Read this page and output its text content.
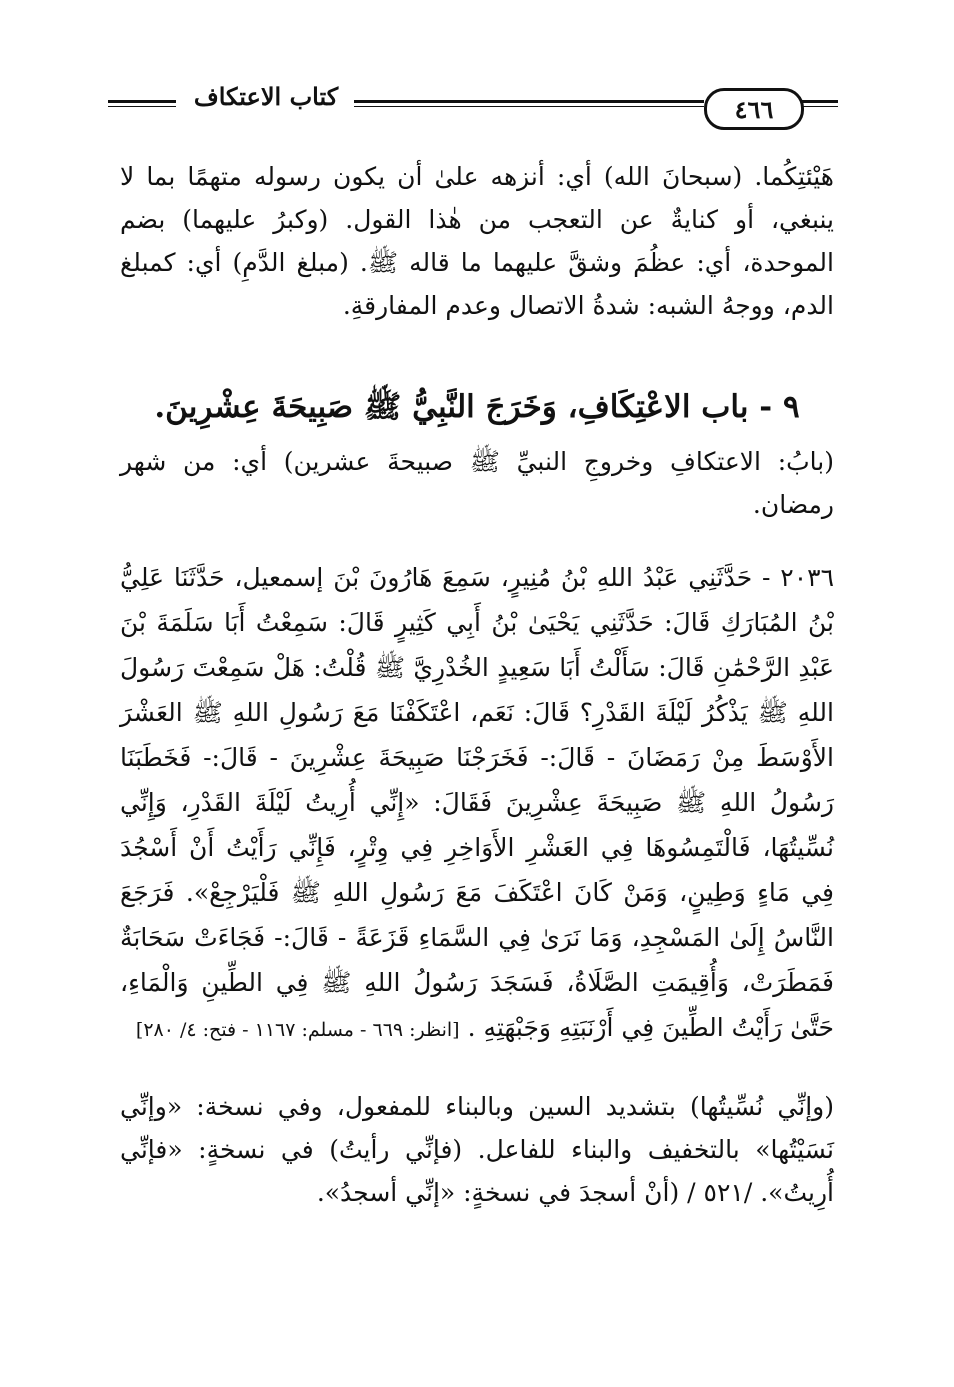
٤٦٦
كتاب الاعتكاف
هَيْئتِكُما. (سبحانَ الله) أي: أنزهه علىٰ أن يكون رسوله متهمًا بما لا ينبغي، أو كنايةٌ عن التعجب من هٰذا القول. (وكبرُ عليهما) بضم الموحدة، أي: عظُمَ وشقَّ عليهما ما قاله ﷺ. (مبلغ الدَّمِ) أي: كمبلغ الدم، ووجهُ الشبه: شدةُ الاتصال وعدم المفارقةِ.
٩ - باب الاعْتِكَافِ، وَخَرَجَ النَّبِيُّ ﷺ صَبِيحَةَ عِشْرِينَ.
(بابُ: الاعتكافِ وخروجِ النبيِّ ﷺ صبيحةَ عشرين) أي: من شهر رمضان.
٢٠٣٦ - حَدَّثَنِي عَبْدُ اللهِ بْنُ مُنِيرٍ، سَمِعَ هَارُونَ بْنَ إسمعيل، حَدَّثَنَا عَلِيُّ بْنُ المُبَارَكِ قَالَ: حَدَّثَنِي يَحْيَىٰ بْنُ أَبِي كَثِيرٍ قَالَ: سَمِعْتُ أَبَا سَلَمَةَ بْنَ عَبْدِ الرَّحْمَٰنِ قَالَ: سَأَلْتُ أَبَا سَعِيدٍ الخُدْرِيَّ ﷺ قُلْتُ: هَلْ سَمِعْتَ رَسُولَ اللهِ ﷺ يَذْكُرُ لَيْلَةَ القَدْرِ؟ قَالَ: نَعَم، اعْتَكَفْنَا مَعَ رَسُولِ اللهِ ﷺ العَشْرَ الأَوْسَطَ مِنْ رَمَضَانَ - قَالَ:- فَخَرَجْنَا صَبِيحَةَ عِشْرِينَ - قَالَ:- فَخَطَبَنَا رَسُولُ اللهِ ﷺ صَبِيحَةَ عِشْرِينَ فَقَالَ: «إِنِّي أُرِيتُ لَيْلَةَ القَدْرِ، وَإِنِّي نُسِّيتُهَا، فَالْتَمِسُوهَا فِي العَشْرِ الأَوَاخِرِ فِي وِتْرٍ، فَإِنِّي رَأَيْتُ أَنْ أَسْجُدَ فِي مَاءٍ وَطِينٍ، وَمَنْ كَانَ اعْتَكَفَ مَعَ رَسُولِ اللهِ ﷺ فَلْيَرْجِعْ». فَرَجَعَ النَّاسُ إِلَىٰ المَسْجِدِ، وَمَا نَرَىٰ فِي السَّمَاءِ قَزَعَةً - قَالَ:- فَجَاءَتْ سَحَابَةٌ فَمَطَرَتْ، وَأُقِيمَتِ الصَّلَاةُ، فَسَجَدَ رَسُولُ اللهِ ﷺ فِي الطِّينِ وَالْمَاءِ، حَتَّىٰ رَأَيْتُ الطِّينَ فِي أَرْنَبَتِهِ وَجَبْهَتِهِ . [انظر: ٦٦٩ - مسلم: ١١٦٧ - فتح: ٤/ ٢٨٠]
(وإنِّي نُسِّيتُها) بتشديد السين وبالبناء للمفعول، وفي نسخة: «وإنِّي نَسَيْتُها» بالتخفيف والبناء للفاعل. (فإنِّي رأيتُ) في نسخةٍ: «فإنِّي أُرِيتُ». / ٥٢١/ (أنْ أسجدَ في نسخةٍ: «إنِّي أسجدُ».
